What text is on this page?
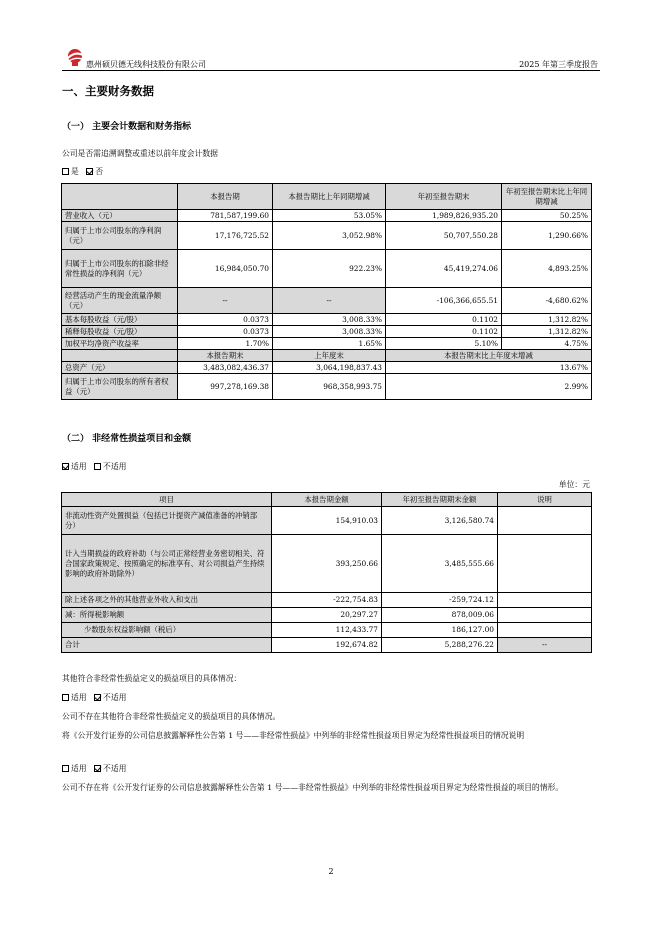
惠州硕贝德无线科技股份有限公司	2025 年第三季度报告
一、主要财务数据
（一） 主要会计数据和财务指标
公司是否需追溯调整或重述以前年度会计数据
是 否
	本报告期	本报告期比上年同期增减	年初至报告期末	年初至报告期末比上年同期增减
营业收入（元）	781,587,199.60	53.05%	1,989,826,935.20	50.25%
归属于上市公司股东的净利润（元）	17,176,725.52	3,052.98%	50,707,550.28	1,290.66%
归属于上市公司股东的扣除非经常性损益的净利润（元）	16,984,050.70	922.23%	45,419,274.06	4,893.25%
经营活动产生的现金流量净额（元）	--	--	-106,366,655.51	-4,680.62%
基本每股收益（元/股）	0.0373	3,008.33%	0.1102	1,312.82%
稀释每股收益（元/股）	0.0373	3,008.33%	0.1102	1,312.82%
加权平均净资产收益率	1.70%	1.65%	5.10%	4.75%
	本报告期末	上年度末	本报告期末比上年度末增减	
总资产（元）	3,483,082,436.37	3,064,198,837.43	13.67%	
归属于上市公司股东的所有者权益（元）	997,278,169.38	968,358,993.75	2.99%	
（二） 非经常性损益项目和金额
适用 不适用
单位：元
项目	本报告期金额	年初至报告期期末金额	说明
非流动性资产处置损益（包括已计提资产减值准备的冲销部分）	154,910.03	3,126,580.74	
计入当期损益的政府补助（与公司正常经营业务密切相关、符合国家政策规定、按照确定的标准享有、对公司损益产生持续影响的政府补助除外）	393,250.66	3,485,555.66	
除上述各项之外的其他营业外收入和支出	-222,754.83	-259,724.12	
减：所得税影响额	20,297.27	878,009.06	
少数股东权益影响额（税后）	112,433.77	186,127.00	
合计	192,674.82	5,288,276.22	--
其他符合非经常性损益定义的损益项目的具体情况：
适用 不适用
公司不存在其他符合非经常性损益定义的损益项目的具体情况。
将《公开发行证券的公司信息披露解释性公告第 1 号——非经常性损益》中列举的非经常性损益项目界定为经常性损益项目的情况说明
适用 不适用
公司不存在将《公开发行证券的公司信息披露解释性公告第 1 号——非经常性损益》中列举的非经常性损益项目界定为经常性损益的项目的情形。
2
